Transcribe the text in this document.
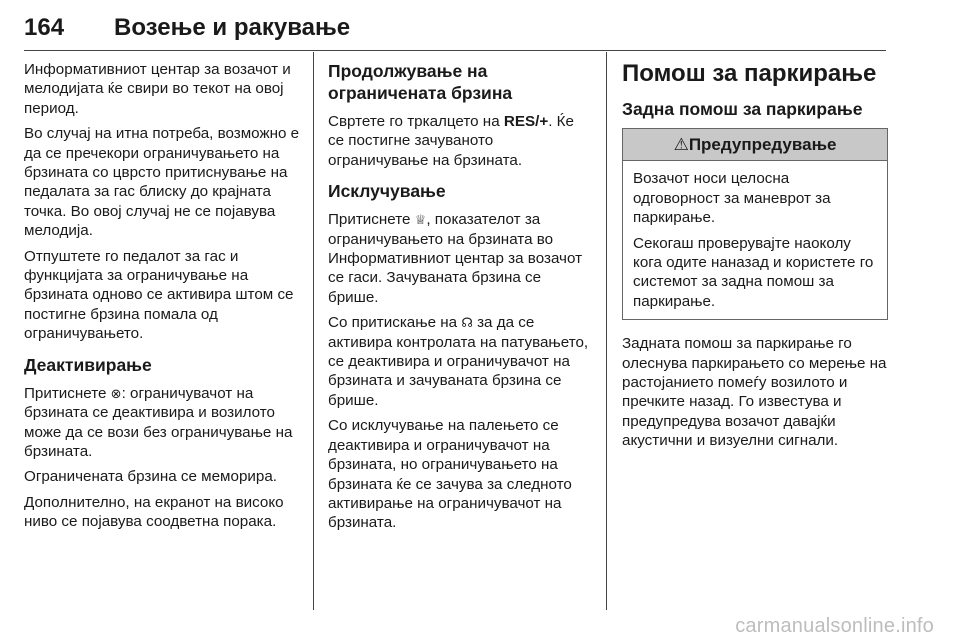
164 Возење и ракување

Информативниот центар за возачот и мелодијата ќе свири во текот на овој период.

Во случај на итна потреба, возможно е да се пречекори ограничувањето на брзината со цврсто притиснување на педалата за гас блиску до крајната точка. Во овој случај не се појавува мелодија.

Отпуштете го педалот за гас и функцијата за ограничување на брзината одново се активира штом се постигне брзина помала од ограничувањето.

Деактивирање

Притиснете ⊗: ограничувачот на брзината се деактивира и возилото може да се вози без ограничување на брзината.

Ограничената брзина се меморира.

Дополнително, на екранот на високо ниво се појавува соодветна порака.

Продолжување на ограничената брзина

Свртете го тркалцето на RES/+. Ќе се постигне зачуваното ограничување на брзината.

Исклучување

Притиснете ♕, показателот за ограничувањето на брзината во Информативниот центар за возачот се гаси. Зачуваната брзина се брише.

Со притискање на ☊ за да се активира контролата на патувањето, се деактивира и ограничувачот на брзината и зачуваната брзина се брише.

Со исклучување на палењето се деактивира и ограничувачот на брзината, но ограничувањето на брзината ќе се зачува за следното активирање на ограничувачот на брзината.

Помош за паркирање
Задна помош за паркирање
⚠Предупредување

Возачот носи целосна одговорност за маневрот за паркирање.

Секогаш проверувајте наоколу кога одите наназад и користете го системот за задна помош за паркирање.

Задната помош за паркирање го олеснува паркирањето со мерење на растојанието помеѓу возилото и пречките назад. Го известува и предупредува возачот давајќи акустични и визуелни сигнали.

carmanualsonline.info
